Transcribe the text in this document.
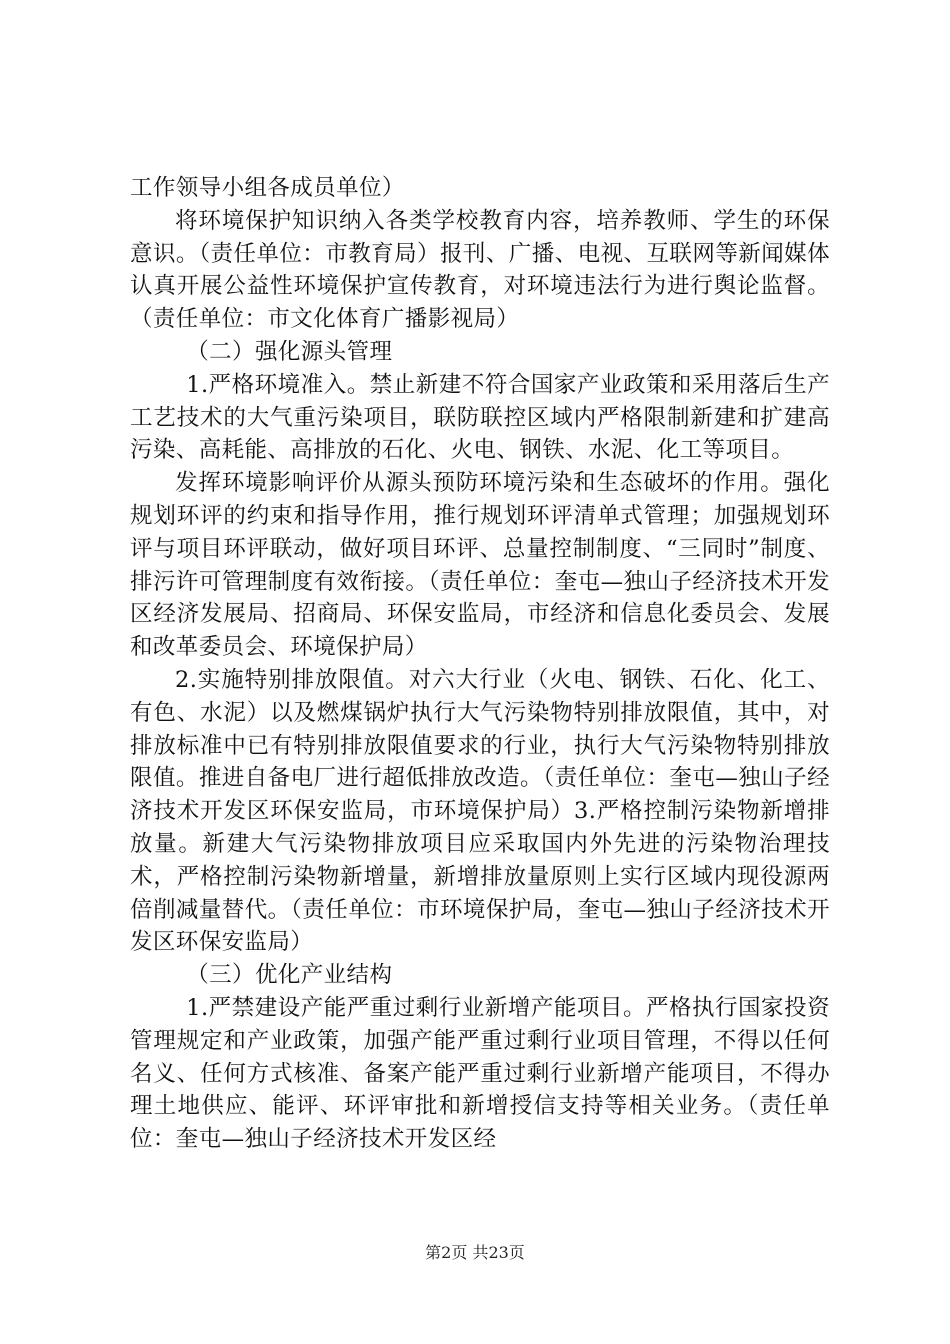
工作领导小组各成员单位）

将环境保护知识纳入各类学校教育内容，培养教师、学生的环保意识。（责任单位：市教育局）报刊、广播、电视、互联网等新闻媒体认真开展公益性环境保护宣传教育，对环境违法行为进行舆论监督。（责任单位：市文化体育广播影视局）

（二）强化源头管理

1.严格环境准入。禁止新建不符合国家产业政策和采用落后生产工艺技术的大气重污染项目，联防联控区域内严格限制新建和扩建高污染、高耗能、高排放的石化、火电、钢铁、水泥、化工等项目。

发挥环境影响评价从源头预防环境污染和生态破坏的作用。强化规划环评的约束和指导作用，推行规划环评清单式管理；加强规划环评与项目环评联动，做好项目环评、总量控制制度、“三同时”制度、排污许可管理制度有效衔接。（责任单位：奎屯—独山子经济技术开发区经济发展局、招商局、环保安监局，市经济和信息化委员会、发展和改革委员会、环境保护局）

2.实施特别排放限值。对六大行业（火电、钢铁、石化、化工、有色、水泥）以及燃煤锅炉执行大气污染物特别排放限值，其中，对排放标准中已有特别排放限值要求的行业，执行大气污染物特别排放限值。推进自备电厂进行超低排放改造。（责任单位：奎屯—独山子经济技术开发区环保安监局，市环境保护局）3.严格控制污染物新增排放量。新建大气污染物排放项目应采取国内外先进的污染物治理技术，严格控制污染物新增量，新增排放量原则上实行区域内现役源两倍削减量替代。（责任单位：市环境保护局，奎屯—独山子经济技术开发区环保安监局）

（三）优化产业结构

1.严禁建设产能严重过剩行业新增产能项目。严格执行国家投资管理规定和产业政策，加强产能严重过剩行业项目管理，不得以任何名义、任何方式核准、备案产能严重过剩行业新增产能项目，不得办理土地供应、能评、环评审批和新增授信支持等相关业务。（责任单位：奎屯—独山子经济技术开发区经

第2页 共23页
